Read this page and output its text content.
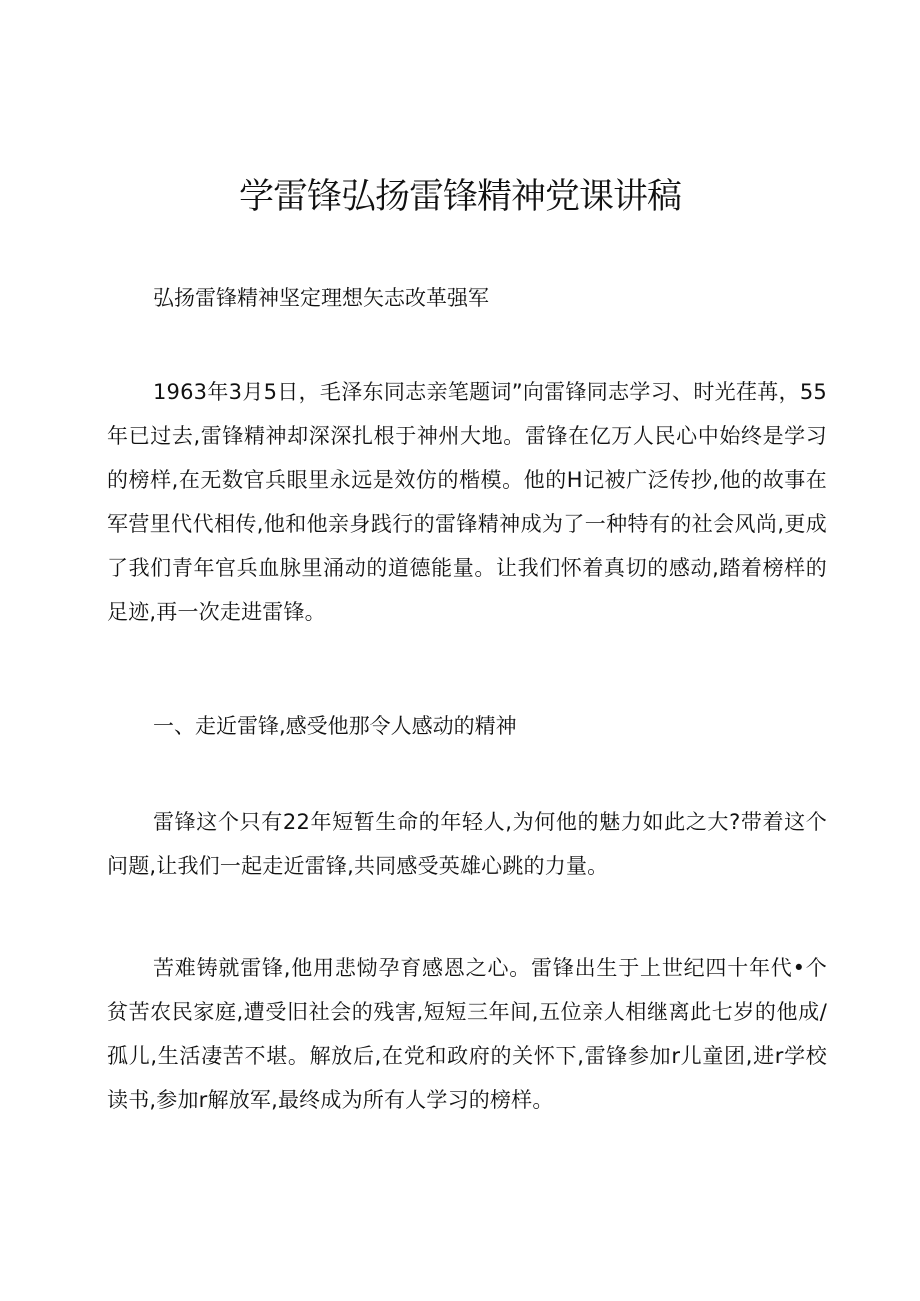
学雷锋弘扬雷锋精神党课讲稿

弘扬雷锋精神坚定理想矢志改革强军

1963年3月5日，毛泽东同志亲笔题词”向雷锋同志学习、时光荏苒，55年已过去,雷锋精神却深深扎根于神州大地。雷锋在亿万人民心中始终是学习的榜样,在无数官兵眼里永远是效仿的楷模。他的H记被广泛传抄,他的故事在军营里代代相传,他和他亲身践行的雷锋精神成为了一种特有的社会风尚,更成了我们青年官兵血脉里涌动的道德能量。让我们怀着真切的感动,踏着榜样的足迹,再一次走进雷锋。

一、走近雷锋,感受他那令人感动的精神

雷锋这个只有22年短暂生命的年轻人,为何他的魅力如此之大?带着这个问题,让我们一起走近雷锋,共同感受英雄心跳的力量。

苦难铸就雷锋,他用悲恸孕育感恩之心。雷锋出生于上世纪四十年代•个贫苦农民家庭,遭受旧社会的残害,短短三年间,五位亲人相继离此七岁的他成/孤儿,生活凄苦不堪。解放后,在党和政府的关怀下,雷锋参加r儿童团,进r学校读书,参加r解放军,最终成为所有人学习的榜样。
